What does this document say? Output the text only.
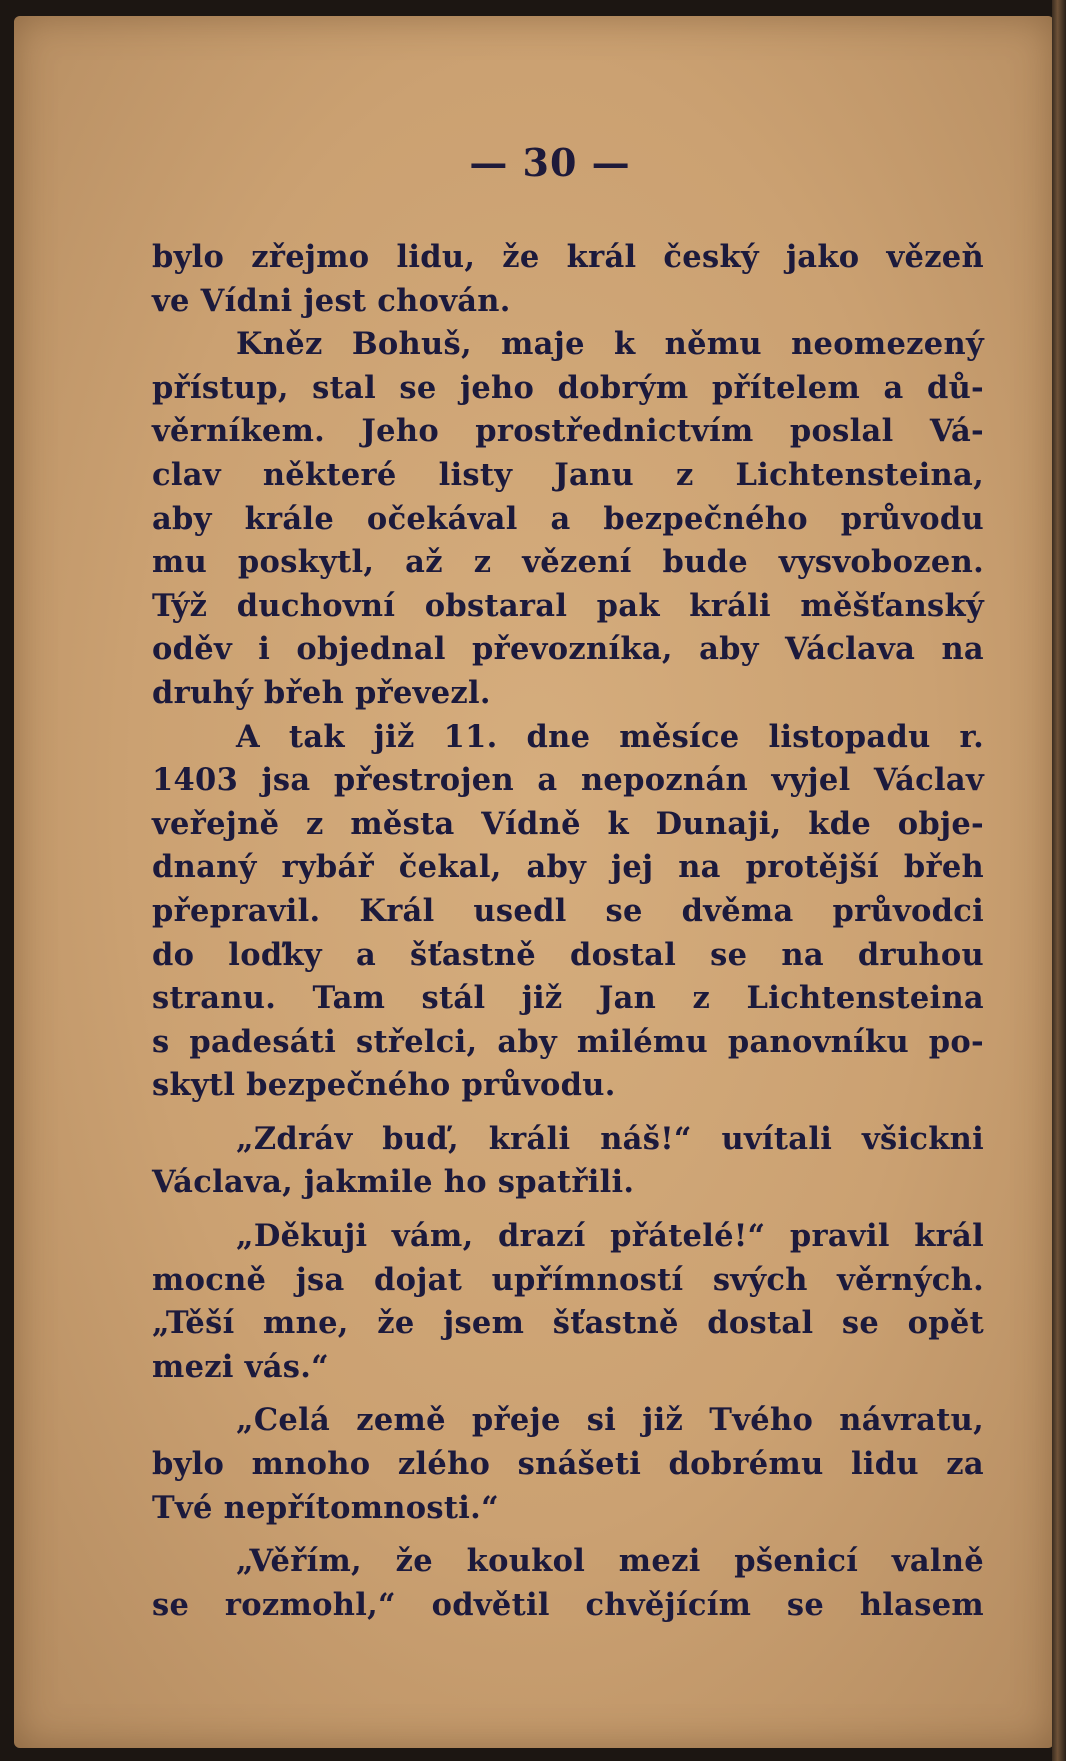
— 30 —
bylo zřejmo lidu, že král český jako vězeň
ve Vídni jest chován.
Kněz Bohuš, maje k němu neomezený
přístup, stal se jeho dobrým přítelem a dů-
věrníkem. Jeho prostřednictvím poslal Vá-
clav některé listy Janu z Lichtensteina,
aby krále očekával a bezpečného průvodu
mu poskytl, až z vězení bude vysvobozen.
Týž duchovní obstaral pak králi měšťanský
oděv i objednal převozníka, aby Václava na
druhý břeh převezl.
A tak již 11. dne měsíce listopadu r.
1403 jsa přestrojen a nepoznán vyjel Václav
veřejně z města Vídně k Dunaji, kde obje-
dnaný rybář čekal, aby jej na protější břeh
přepravil. Král usedl se dvěma průvodci
do loďky a šťastně dostal se na druhou
stranu. Tam stál již Jan z Lichtensteina
s padesáti střelci, aby milému panovníku po-
skytl bezpečného průvodu.
„Zdráv buď, králi náš!“ uvítali všickni
Václava, jakmile ho spatřili.
„Děkuji vám, drazí přátelé!“ pravil král
mocně jsa dojat upřímností svých věrných.
„Těší mne, že jsem šťastně dostal se opět
mezi vás.“
„Celá země přeje si již Tvého návratu,
bylo mnoho zlého snášeti dobrému lidu za
Tvé nepřítomnosti.“
„Věřím, že koukol mezi pšenicí valně
se rozmohl,“ odvětil chvějícím se hlasem
